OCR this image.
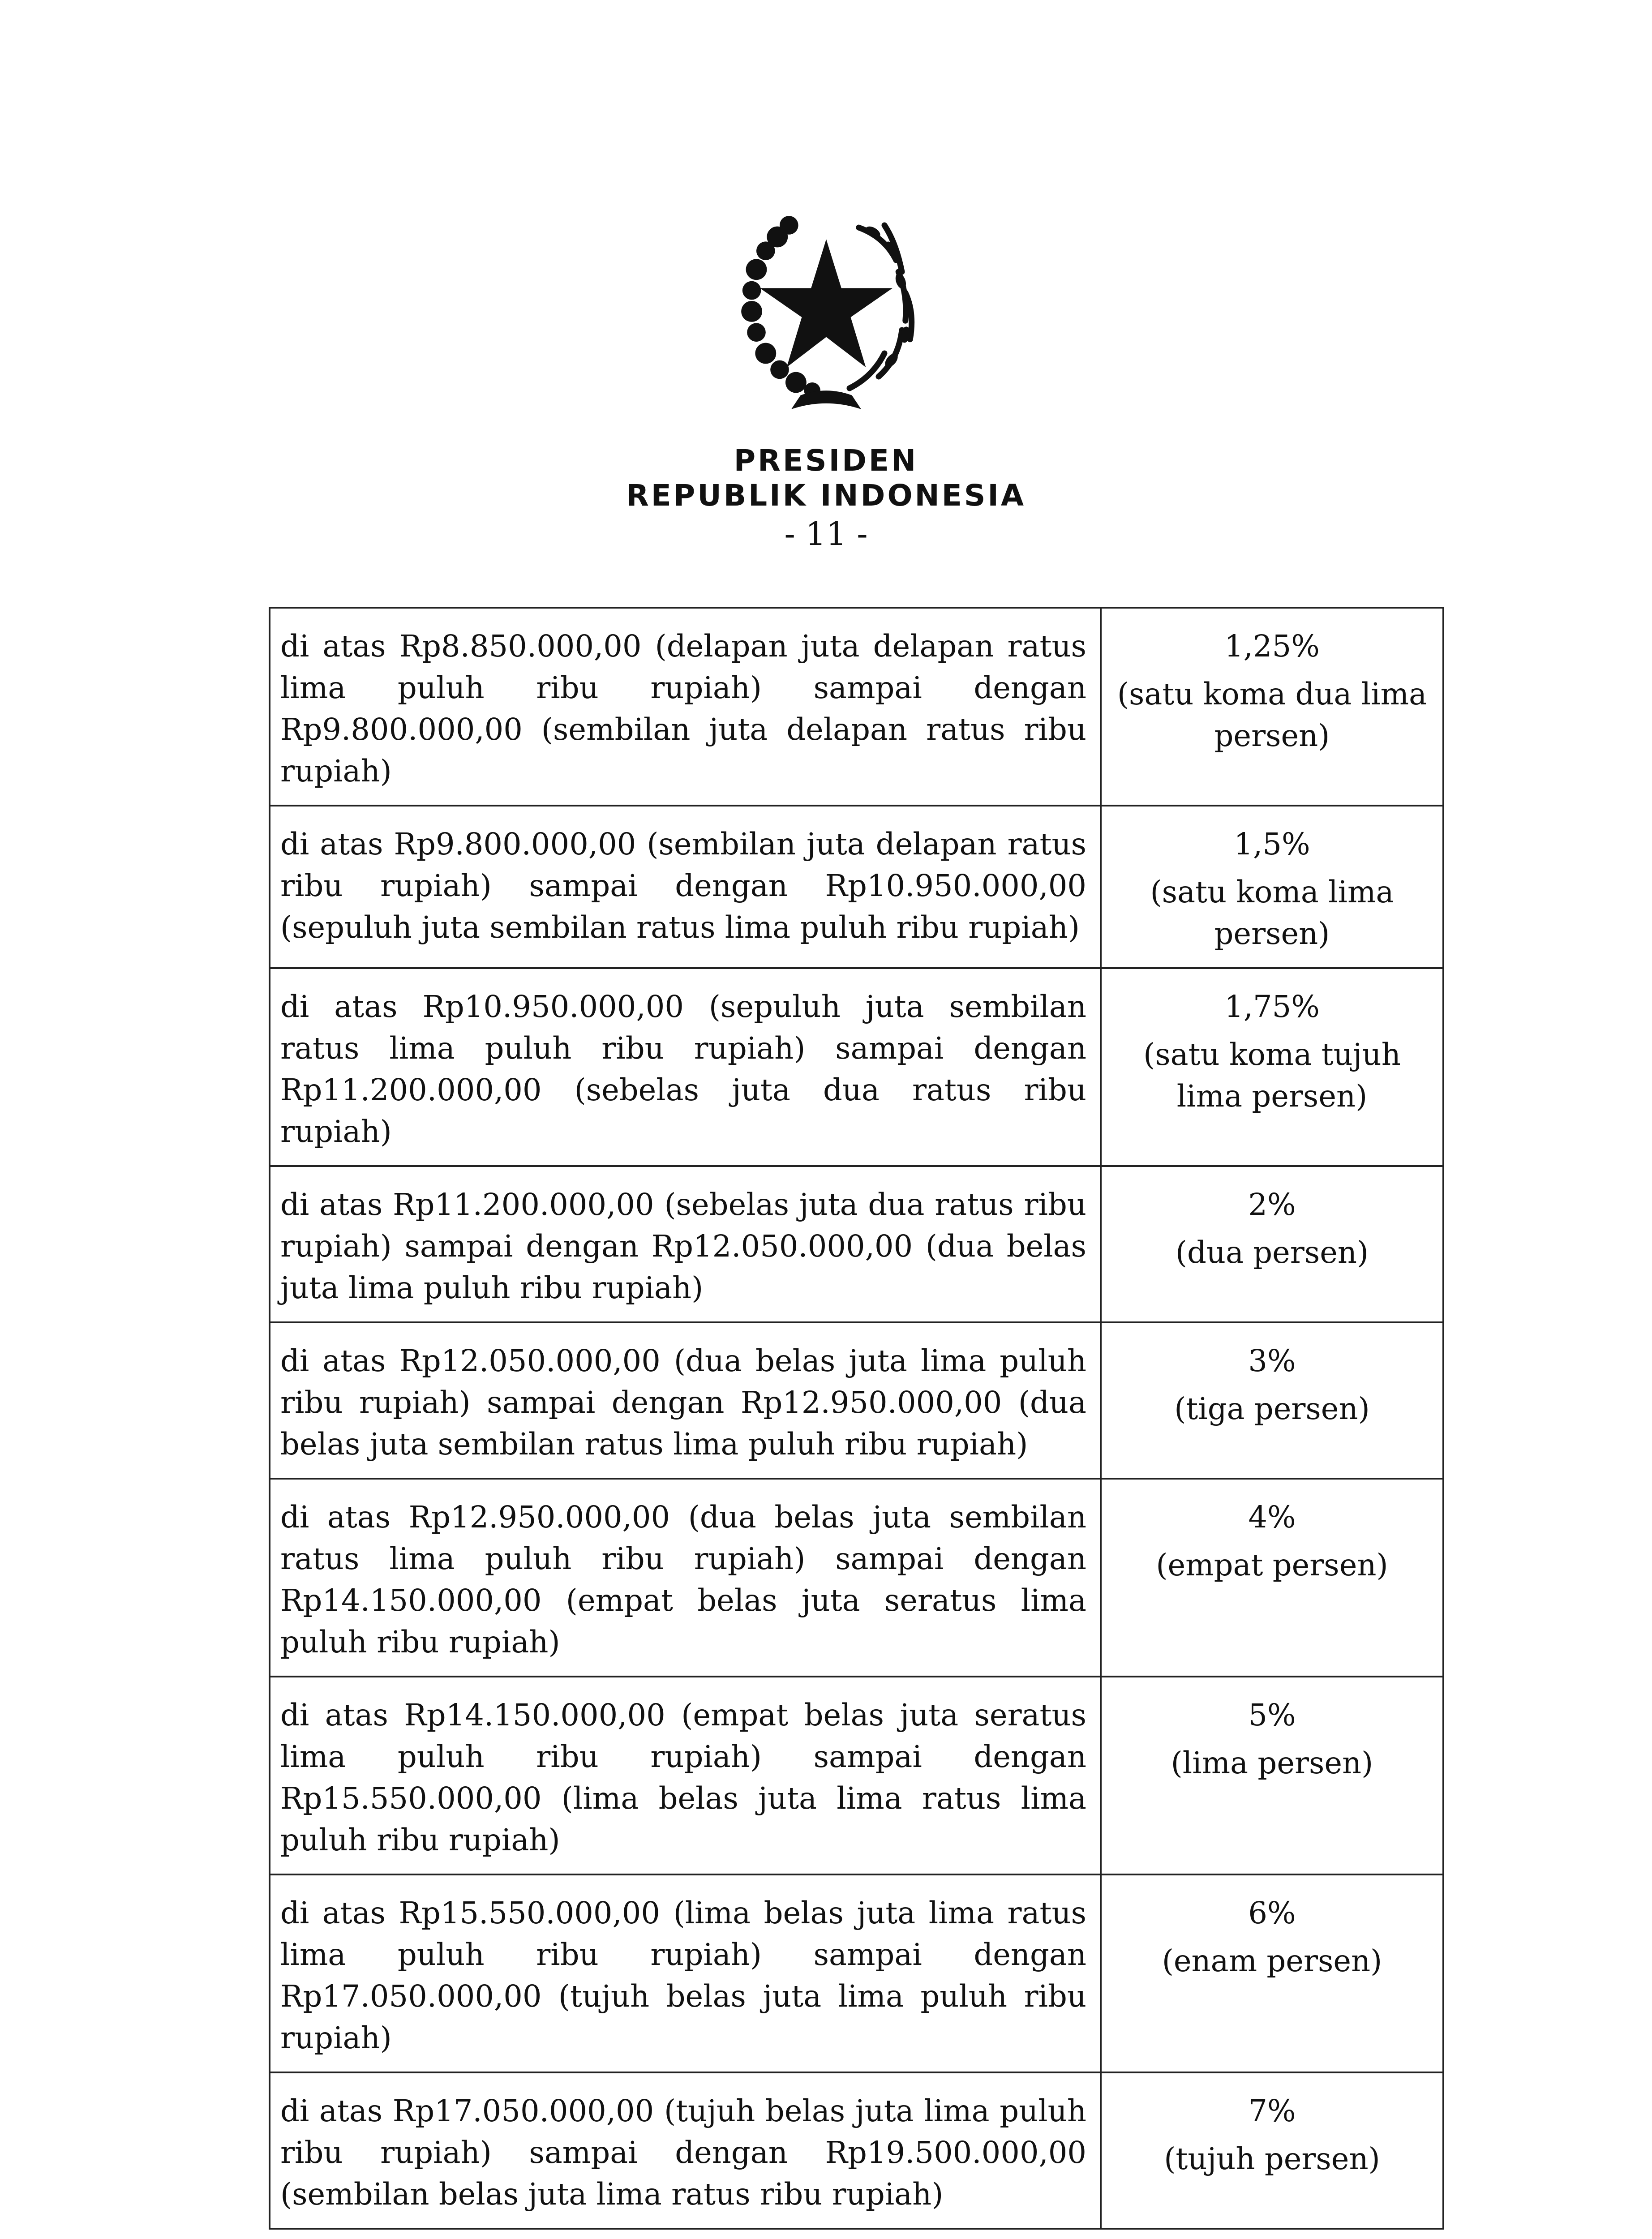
PRESIDEN
REPUBLIK INDONESIA
- 11 -
di atas Rp8.850.000,00 (delapan juta delapan ratus lima puluh ribu rupiah) sampai dengan Rp9.800.000,00 (sembilan juta delapan ratus ribu rupiah)	1,25%
(satu koma dua lima persen)

di atas Rp9.800.000,00 (sembilan juta delapan ratus ribu rupiah) sampai dengan Rp10.950.000,00 (sepuluh juta sembilan ratus lima puluh ribu rupiah)	1,5%
(satu koma lima persen)

di atas Rp10.950.000,00 (sepuluh juta sembilan ratus lima puluh ribu rupiah) sampai dengan Rp11.200.000,00 (sebelas juta dua ratus ribu rupiah)	1,75%
(satu koma tujuh lima persen)

di atas Rp11.200.000,00 (sebelas juta dua ratus ribu rupiah) sampai dengan Rp12.050.000,00 (dua belas juta lima puluh ribu rupiah)	2%
(dua persen)

di atas Rp12.050.000,00 (dua belas juta lima puluh ribu rupiah) sampai dengan Rp12.950.000,00 (dua belas juta sembilan ratus lima puluh ribu rupiah)	3%
(tiga persen)

di atas Rp12.950.000,00 (dua belas juta sembilan ratus lima puluh ribu rupiah) sampai dengan Rp14.150.000,00 (empat belas juta seratus lima puluh ribu rupiah)	4%
(empat persen)

di atas Rp14.150.000,00 (empat belas juta seratus lima puluh ribu rupiah) sampai dengan Rp15.550.000,00 (lima belas juta lima ratus lima puluh ribu rupiah)	5%
(lima persen)

di atas Rp15.550.000,00 (lima belas juta lima ratus lima puluh ribu rupiah) sampai dengan Rp17.050.000,00 (tujuh belas juta lima puluh ribu rupiah)	6%
(enam persen)

di atas Rp17.050.000,00 (tujuh belas juta lima puluh ribu rupiah) sampai dengan Rp19.500.000,00 (sembilan belas juta lima ratus ribu rupiah)	7%
(tujuh persen)
